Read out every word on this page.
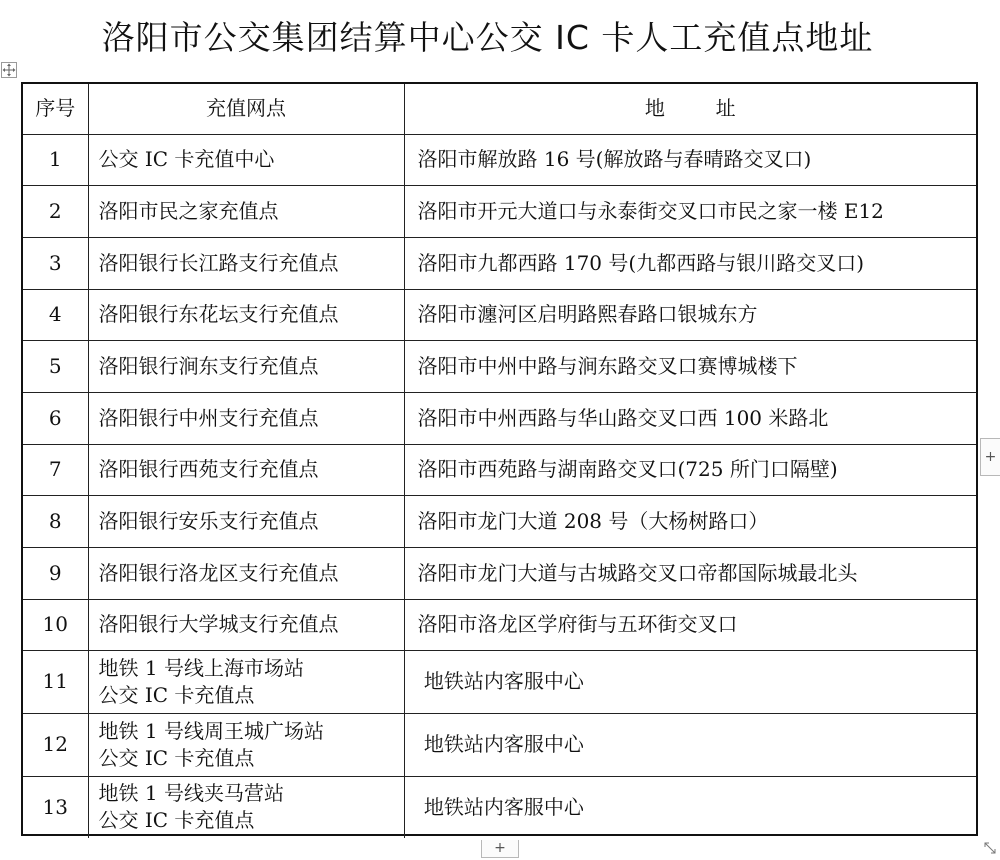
洛阳市公交集团结算中心公交 IC 卡人工充值点地址
序号	充值网点	地        址
1	公交 IC 卡充值中心	洛阳市解放路 16 号(解放路与春晴路交叉口)
2	洛阳市民之家充值点	洛阳市开元大道口与永泰街交叉口市民之家一楼 E12
3	洛阳银行长江路支行充值点	洛阳市九都西路 170 号(九都西路与银川路交叉口)
4	洛阳银行东花坛支行充值点	洛阳市瀍河区启明路熙春路口银城东方
5	洛阳银行涧东支行充值点	洛阳市中州中路与涧东路交叉口赛博城楼下
6	洛阳银行中州支行充值点	洛阳市中州西路与华山路交叉口西 100 米路北
7	洛阳银行西苑支行充值点	洛阳市西苑路与湖南路交叉口(725 所门口隔壁)
8	洛阳银行安乐支行充值点	洛阳市龙门大道 208 号（大杨树路口）
9	洛阳银行洛龙区支行充值点	洛阳市龙门大道与古城路交叉口帝都国际城最北头
10	洛阳银行大学城支行充值点	洛阳市洛龙区学府街与五环街交叉口
11	地铁 1 号线上海市场站
公交 IC 卡充值点	地铁站内客服中心
12	地铁 1 号线周王城广场站
公交 IC 卡充值点	地铁站内客服中心
13	地铁 1 号线夹马营站
公交 IC 卡充值点	地铁站内客服中心
+
+
